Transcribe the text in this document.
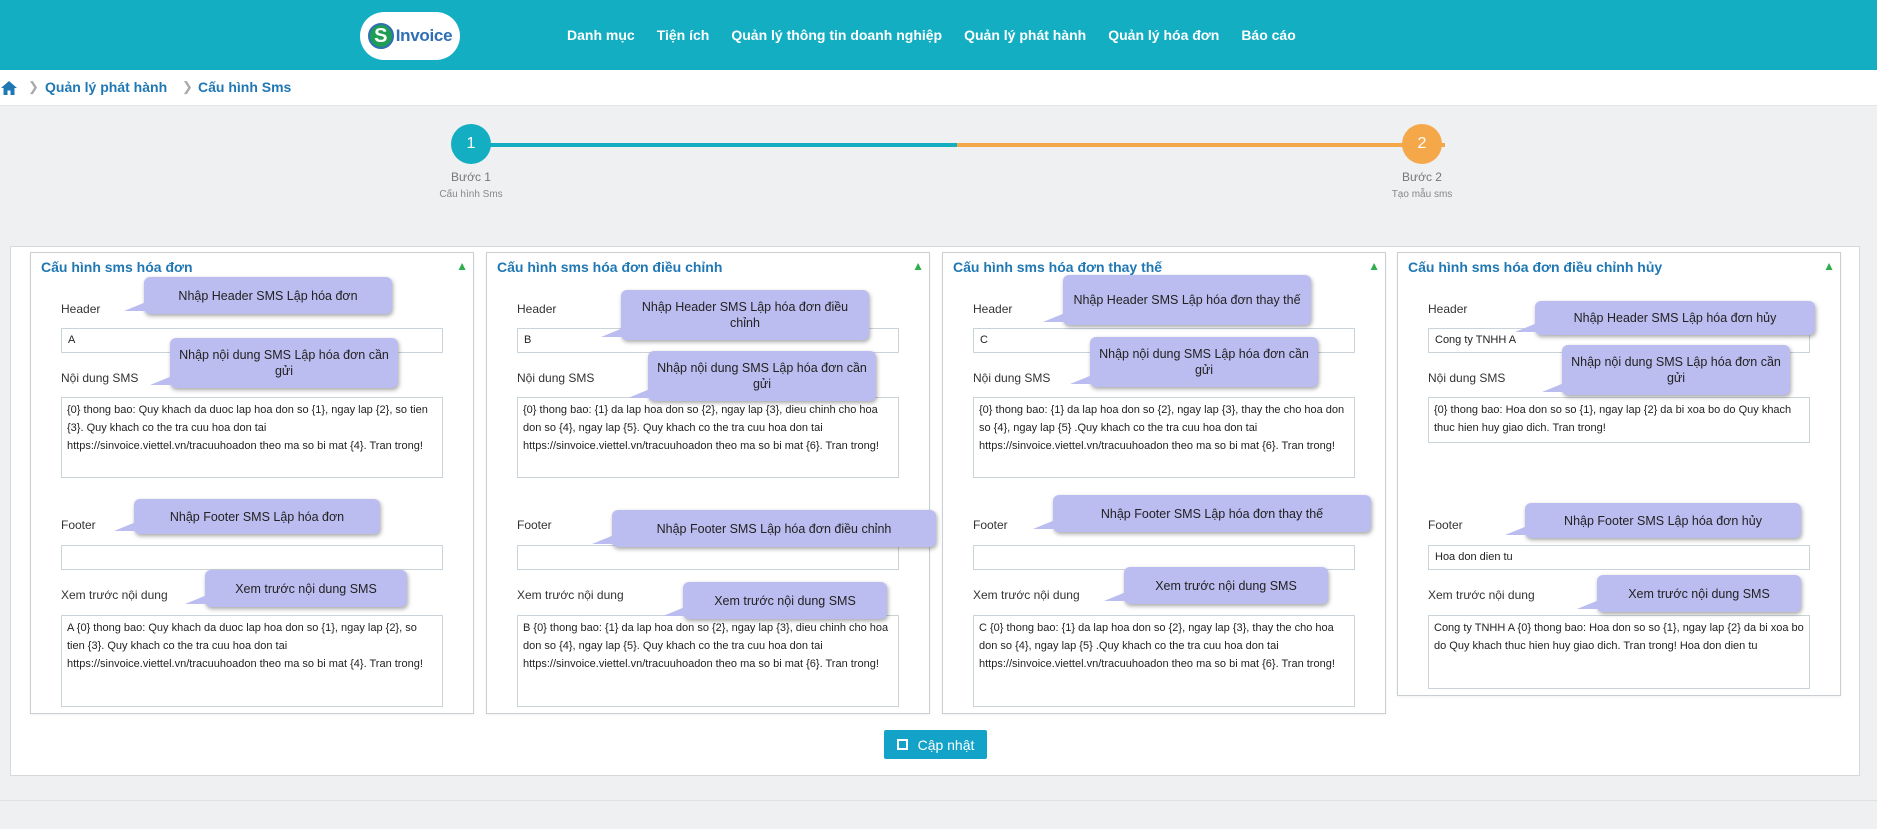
S Invoice	Danh mục Tiện ích Quản lý thông tin doanh nghiệp Quản lý phát hành Quản lý hóa đơn Báo cáo
❯ Quản lý phát hành ❯ Cấu hình Sms
1	2
Bước 1
Cấu hình Sms
Bước 2
Tạo mẫu sms
Cấu hình sms hóa đơn	▲
Header
A
Nội dung SMS
{0} thong bao: Quy khach da duoc lap hoa don so {1}, ngay lap {2}, so tien {3}. Quy khach co the tra cuu hoa don tai https://sinvoice.viettel.vn/tracuuhoadon theo ma so bi mat {4}. Tran trong!
Footer
Xem trước nội dung
A {0} thong bao: Quy khach da duoc lap hoa don so {1}, ngay lap {2}, so tien {3}. Quy khach co the tra cuu hoa don tai https://sinvoice.viettel.vn/tracuuhoadon theo ma so bi mat {4}. Tran trong!
Nhập Header SMS Lập hóa đơn
Nhập nội dung SMS Lập hóa đơn cần gửi
Nhập Footer SMS Lập hóa đơn
Xem trước nội dung SMS
Cấu hình sms hóa đơn điều chỉnh	▲
Header
B
Nội dung SMS
{0} thong bao: {1} da lap hoa don so {2}, ngay lap {3}, dieu chinh cho hoa don so {4}, ngay lap {5}. Quy khach co the tra cuu hoa don tai https://sinvoice.viettel.vn/tracuuhoadon theo ma so bi mat {6}. Tran trong!
Footer
Xem trước nội dung
B {0} thong bao: {1} da lap hoa don so {2}, ngay lap {3}, dieu chinh cho hoa don so {4}, ngay lap {5}. Quy khach co the tra cuu hoa don tai https://sinvoice.viettel.vn/tracuuhoadon theo ma so bi mat {6}. Tran trong!
Nhập Header SMS Lập hóa đơn điều chỉnh
Nhập nội dung SMS Lập hóa đơn cần gửi
Nhập Footer SMS Lập hóa đơn điều chỉnh
Xem trước nội dung SMS
Cấu hình sms hóa đơn thay thế	▲
Header
C
Nội dung SMS
{0} thong bao: {1} da lap hoa don so {2}, ngay lap {3}, thay the cho hoa don so {4}, ngay lap {5} .Quy khach co the tra cuu hoa don tai https://sinvoice.viettel.vn/tracuuhoadon theo ma so bi mat {6}. Tran trong!
Footer
Xem trước nội dung
C {0} thong bao: {1} da lap hoa don so {2}, ngay lap {3}, thay the cho hoa don so {4}, ngay lap {5} .Quy khach co the tra cuu hoa don tai https://sinvoice.viettel.vn/tracuuhoadon theo ma so bi mat {6}. Tran trong!
Nhập Header SMS Lập hóa đơn thay thế
Nhập nội dung SMS Lập hóa đơn cần gửi
Nhập Footer SMS Lập hóa đơn thay thế
Xem trước nội dung SMS
Cấu hình sms hóa đơn điều chỉnh hủy	▲
Header
Cong ty TNHH A
Nội dung SMS
{0} thong bao: Hoa don so so {1}, ngay lap {2} da bi xoa bo do Quy khach thuc hien huy giao dich. Tran trong!
Footer
Hoa don dien tu
Xem trước nội dung
Cong ty TNHH A {0} thong bao: Hoa don so so {1}, ngay lap {2} da bi xoa bo do Quy khach thuc hien huy giao dich. Tran trong! Hoa don dien tu
Nhập Header SMS Lập hóa đơn hủy
Nhập nội dung SMS Lập hóa đơn cần gửi
Nhập Footer SMS Lập hóa đơn hủy
Xem trước nội dung SMS
Cập nhật
